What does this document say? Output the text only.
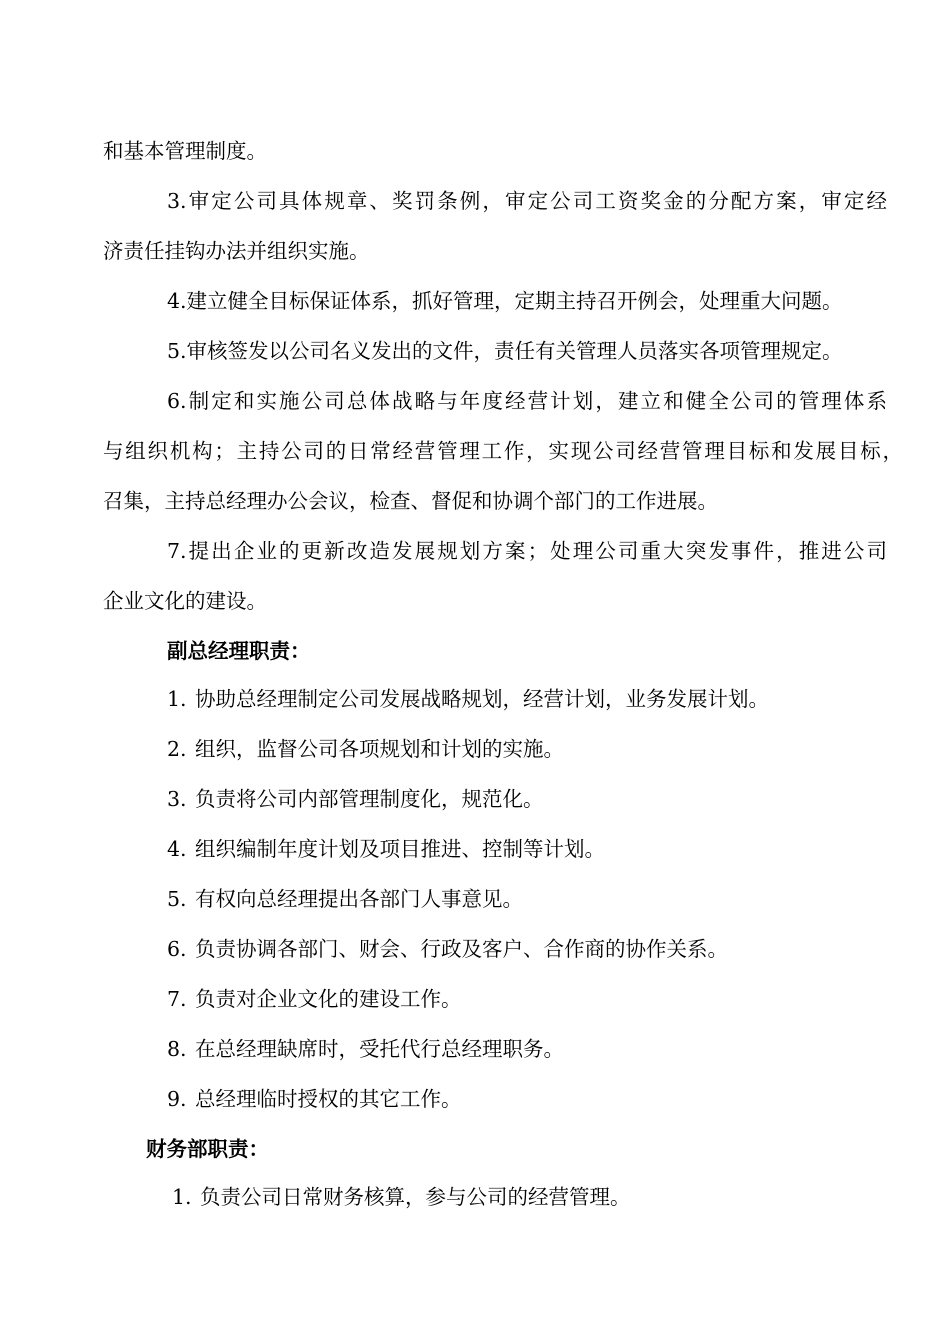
和基本管理制度。
3.审定公司具体规章、奖罚条例，审定公司工资奖金的分配方案，审定经
济责任挂钩办法并组织实施。
4.建立健全目标保证体系，抓好管理，定期主持召开例会，处理重大问题。
5.审核签发以公司名义发出的文件，责任有关管理人员落实各项管理规定。
6.制定和实施公司总体战略与年度经营计划，建立和健全公司的管理体系
与组织机构；主持公司的日常经营管理工作，实现公司经营管理目标和发展目标，
召集，主持总经理办公会议，检查、督促和协调个部门的工作进展。
7.提出企业的更新改造发展规划方案；处理公司重大突发事件，推进公司
企业文化的建设。
副总经理职责：
1. 协助总经理制定公司发展战略规划，经营计划，业务发展计划。
2. 组织，监督公司各项规划和计划的实施。
3. 负责将公司内部管理制度化，规范化。
4. 组织编制年度计划及项目推进、控制等计划。
5. 有权向总经理提出各部门人事意见。
6. 负责协调各部门、财会、行政及客户、合作商的协作关系。
7. 负责对企业文化的建设工作。
8. 在总经理缺席时，受托代行总经理职务。
9. 总经理临时授权的其它工作。
财务部职责：
1. 负责公司日常财务核算，参与公司的经营管理。
